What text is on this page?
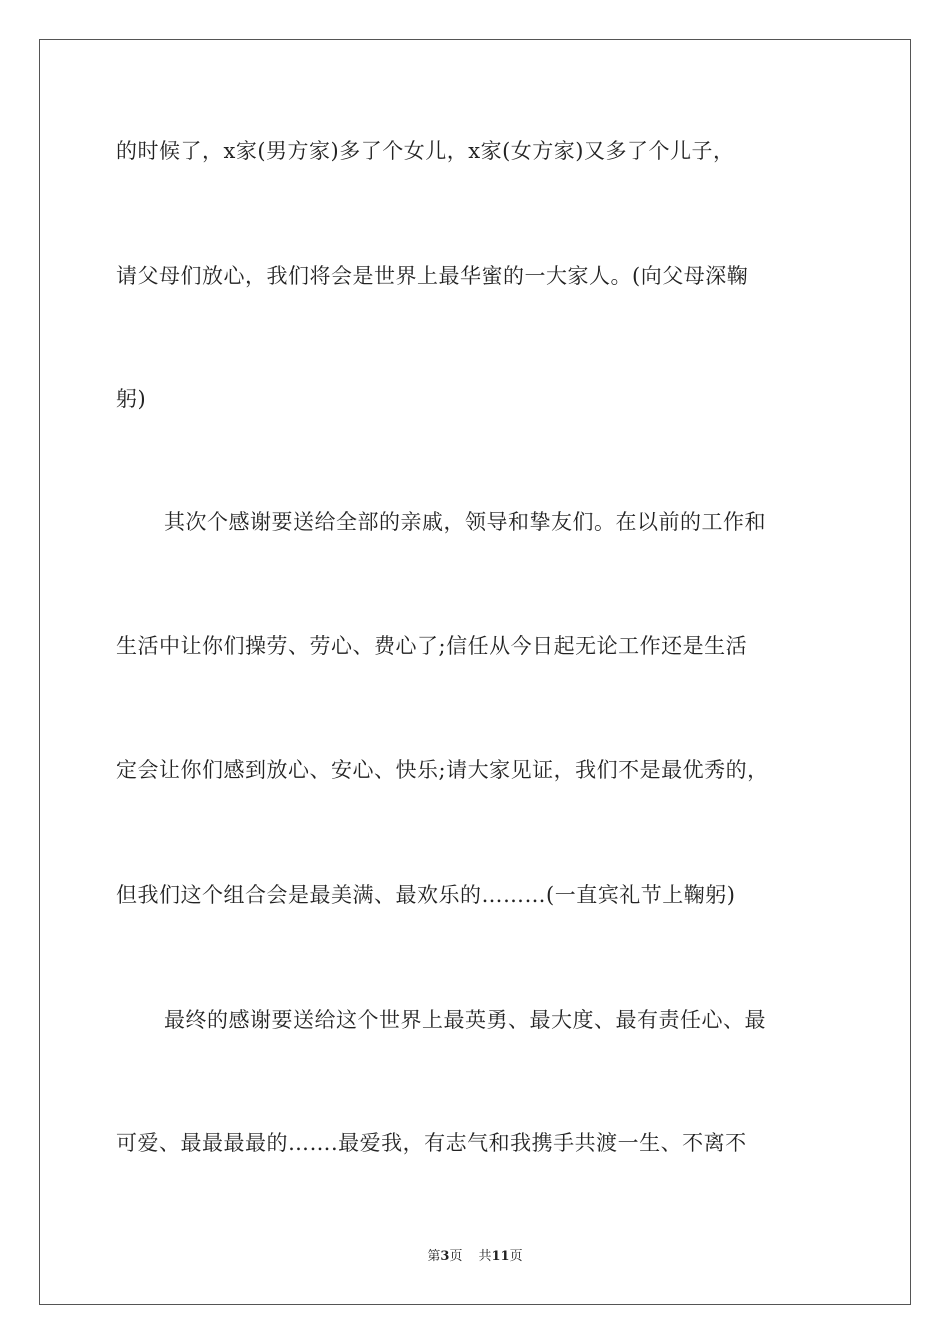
的时候了，x家(男方家)多了个女儿，x家(女方家)又多了个儿子，
请父母们放心，我们将会是世界上最华蜜的一大家人。(向父母深鞠
躬)
其次个感谢要送给全部的亲戚，领导和挚友们。在以前的工作和
生活中让你们操劳、劳心、费心了;信任从今日起无论工作还是生活
定会让你们感到放心、安心、快乐;请大家见证，我们不是最优秀的，
但我们这个组合会是最美满、最欢乐的………(一直宾礼节上鞠躬)
最终的感谢要送给这个世界上最英勇、最大度、最有责任心、最
可爱、最最最最的…….最爱我，有志气和我携手共渡一生、不离不
第3页 共11页
